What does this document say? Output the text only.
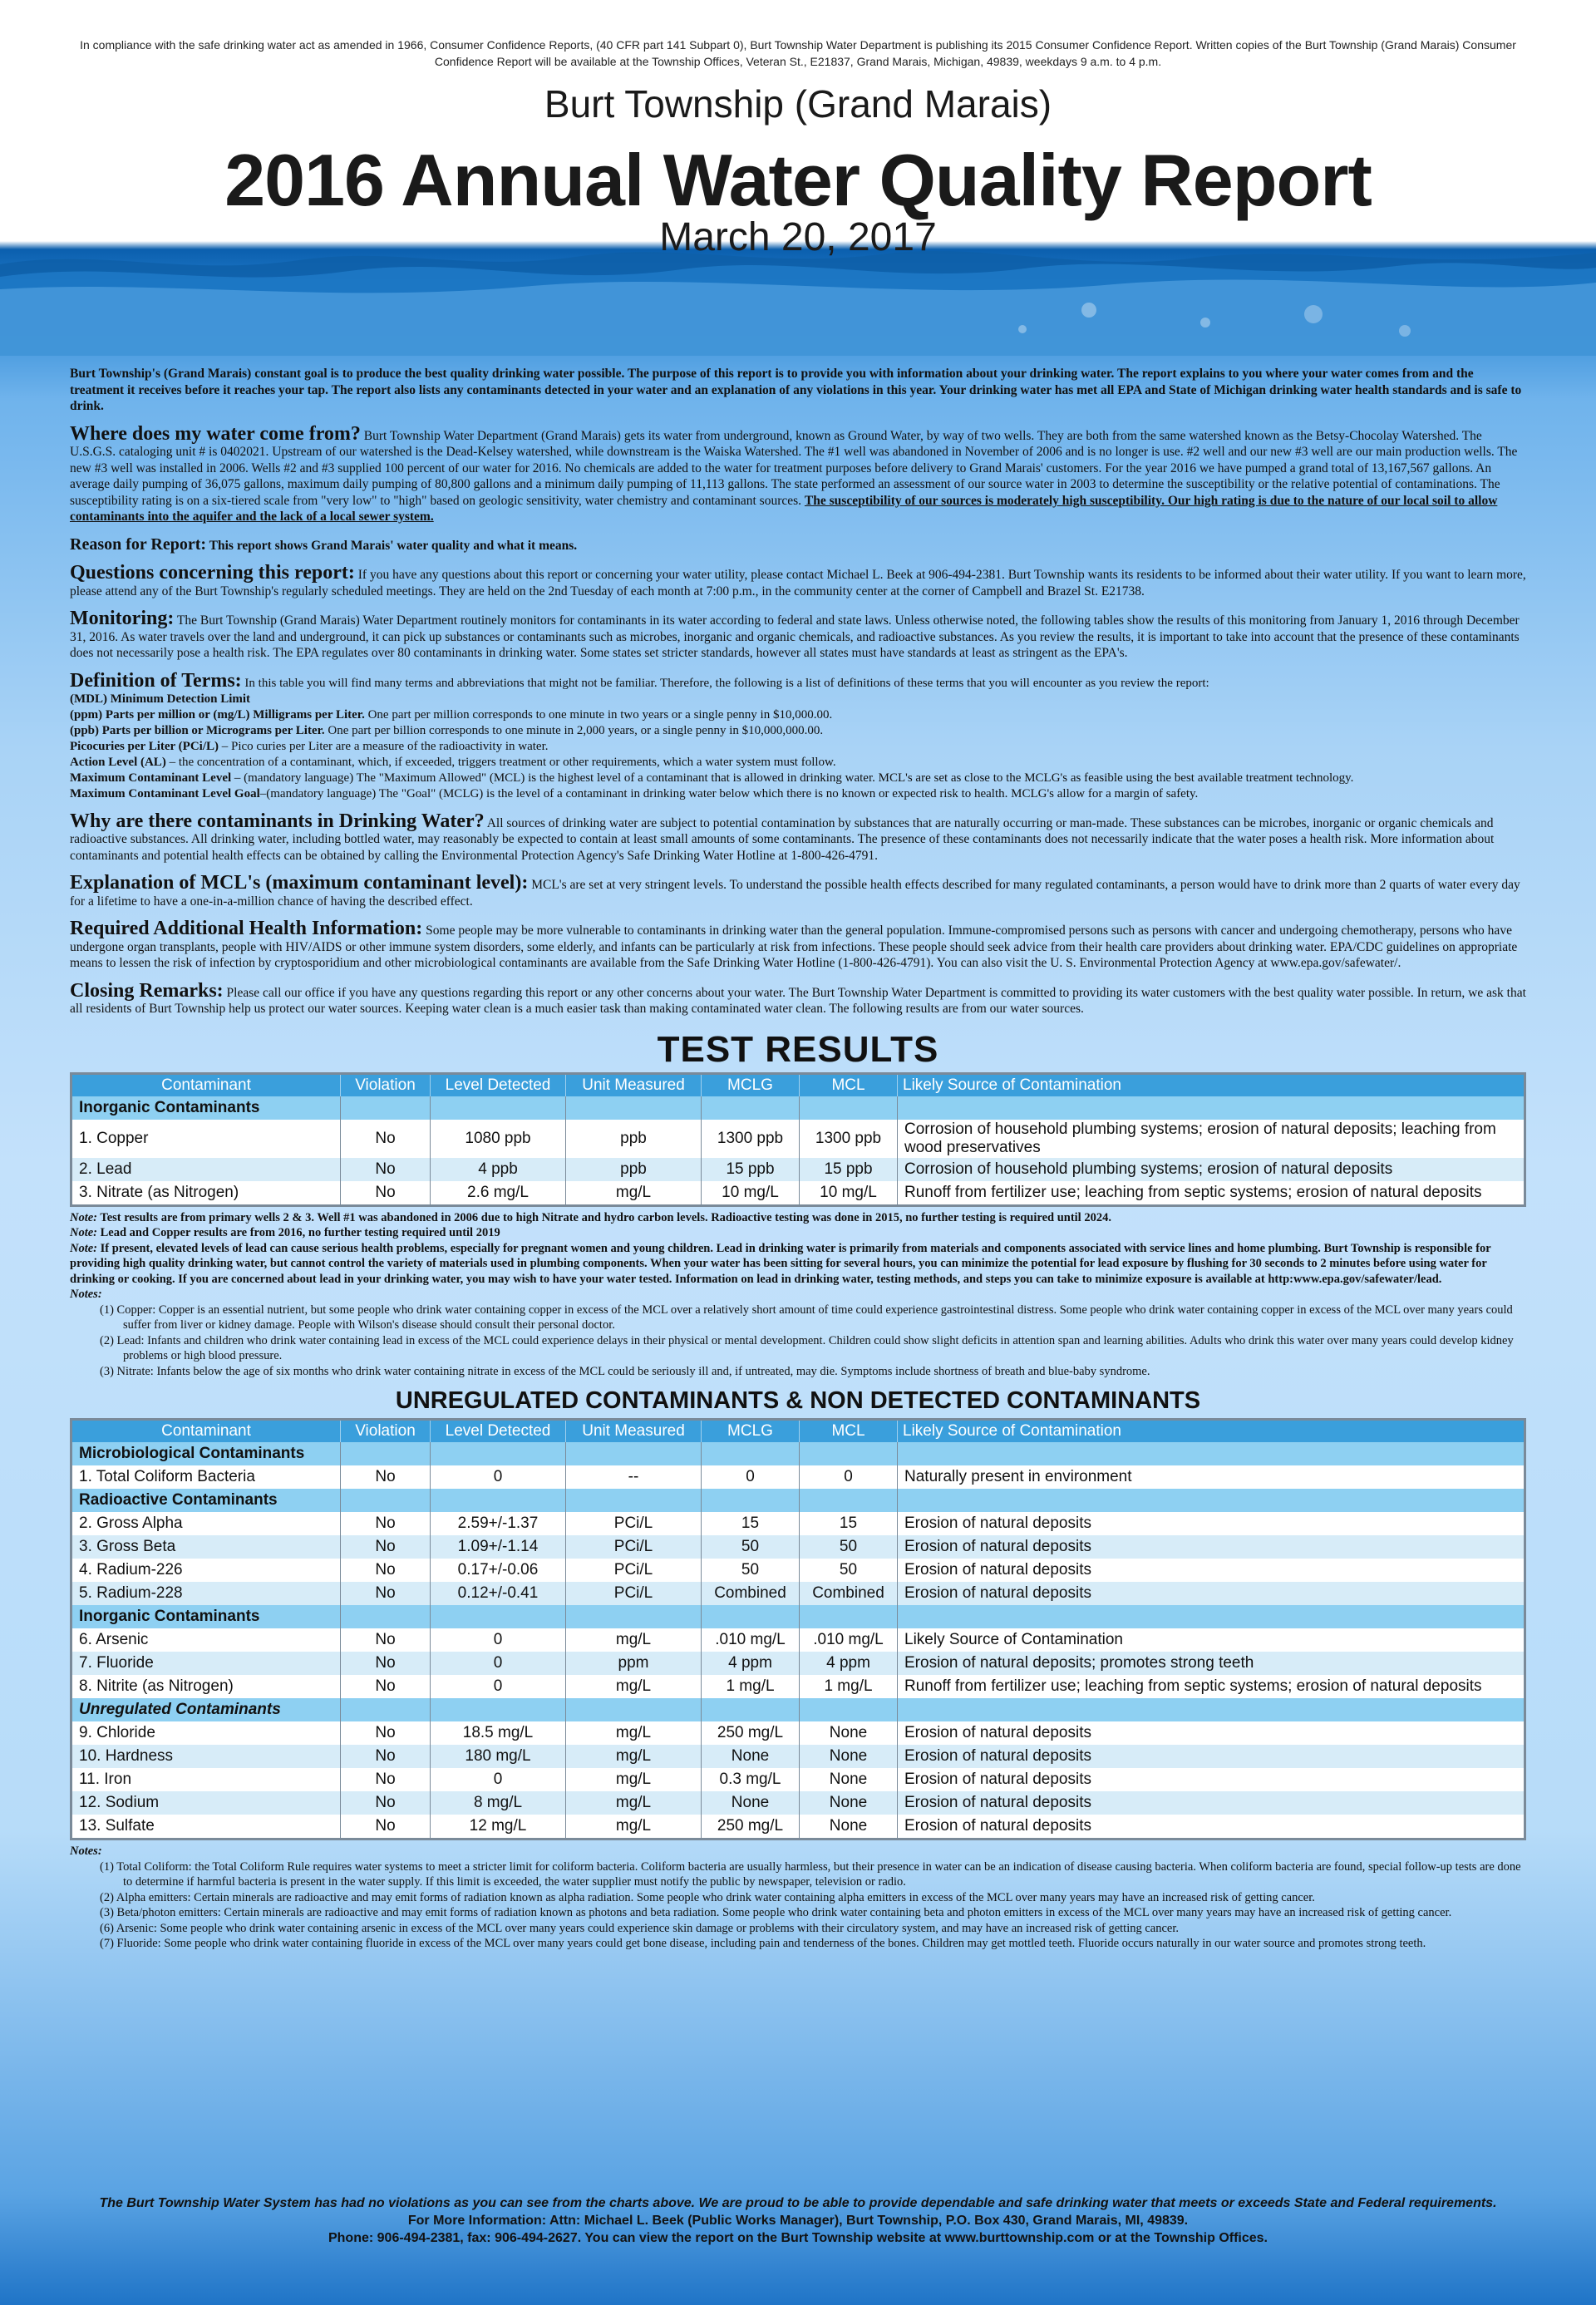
In compliance with the safe drinking water act as amended in 1966, Consumer Confidence Reports, (40 CFR part 141 Subpart 0), Burt Township Water Department is publishing its 2015 Consumer Confidence Report. Written copies of the Burt Township (Grand Marais) Consumer Confidence Report will be available at the Township Offices, Veteran St., E21837, Grand Marais, Michigan, 49839, weekdays 9 a.m. to 4 p.m.
Burt Township (Grand Marais)
2016 Annual Water Quality Report
March 20, 2017
Burt Township's (Grand Marais) constant goal is to produce the best quality drinking water possible. The purpose of this report is to provide you with information about your drinking water. The report explains to you where your water comes from and the treatment it receives before it reaches your tap. The report also lists any contaminants detected in your water and an explanation of any violations in this year. Your drinking water has met all EPA and State of Michigan drinking water health standards and is safe to drink.
Where does my water come from? Burt Township Water Department (Grand Marais) gets its water from underground, known as Ground Water, by way of two wells. They are both from the same watershed known as the Betsy-Chocolay Watershed. The U.S.G.S. cataloging unit # is 0402021. Upstream of our watershed is the Dead-Kelsey watershed, while downstream is the Waiska Watershed. The #1 well was abandoned in November of 2006 and is no longer is use. #2 well and our new #3 well are our main production wells. The new #3 well was installed in 2006. Wells #2 and #3 supplied 100 percent of our water for 2016. No chemicals are added to the water for treatment purposes before delivery to Grand Marais' customers. For the year 2016 we have pumped a grand total of 13,167,567 gallons. An average daily pumping of 36,075 gallons, maximum daily pumping of 80,800 gallons and a minimum daily pumping of 11,113 gallons. The state performed an assessment of our source water in 2003 to determine the susceptibility or the relative potential of contaminations. The susceptibility rating is on a six-tiered scale from "very low" to "high" based on geologic sensitivity, water chemistry and contaminant sources. The susceptibility of our sources is moderately high susceptibility. Our high rating is due to the nature of our local soil to allow contaminants into the aquifer and the lack of a local sewer system.
Reason for Report: This report shows Grand Marais' water quality and what it means.
Questions concerning this report: If you have any questions about this report or concerning your water utility, please contact Michael L. Beek at 906-494-2381. Burt Township wants its residents to be informed about their water utility. If you want to learn more, please attend any of the Burt Township's regularly scheduled meetings. They are held on the 2nd Tuesday of each month at 7:00 p.m., in the community center at the corner of Campbell and Brazel St. E21738.
Monitoring: The Burt Township (Grand Marais) Water Department routinely monitors for contaminants in its water according to federal and state laws. Unless otherwise noted, the following tables show the results of this monitoring from January 1, 2016 through December 31, 2016. As water travels over the land and underground, it can pick up substances or contaminants such as microbes, inorganic and organic chemicals, and radioactive substances. As you review the results, it is important to take into account that the presence of these contaminants does not necessarily pose a health risk. The EPA regulates over 80 contaminants in drinking water. Some states set stricter standards, however all states must have standards at least as stringent as the EPA's.
Definition of Terms: In this table you will find many terms and abbreviations that might not be familiar. Therefore, the following is a list of definitions of these terms that you will encounter as you review the report:
(MDL) Minimum Detection Limit
(ppm) Parts per million or (mg/L) Milligrams per Liter. One part per million corresponds to one minute in two years or a single penny in $10,000.00.
(ppb) Parts per billion or Micrograms per Liter. One part per billion corresponds to one minute in 2,000 years, or a single penny in $10,000,000.00.
Picocuries per Liter (PCi/L) – Pico curies per Liter are a measure of the radioactivity in water.
Action Level (AL) – the concentration of a contaminant, which, if exceeded, triggers treatment or other requirements, which a water system must follow.
Maximum Contaminant Level – (mandatory language) The "Maximum Allowed" (MCL) is the highest level of a contaminant that is allowed in drinking water. MCL's are set as close to the MCLG's as feasible using the best available treatment technology.
Maximum Contaminant Level Goal–(mandatory language) The "Goal" (MCLG) is the level of a contaminant in drinking water below which there is no known or expected risk to health. MCLG's allow for a margin of safety.
Why are there contaminants in Drinking Water? All sources of drinking water are subject to potential contamination by substances that are naturally occurring or man-made. These substances can be microbes, inorganic or organic chemicals and radioactive substances. All drinking water, including bottled water, may reasonably be expected to contain at least small amounts of some contaminants. The presence of these contaminants does not necessarily indicate that the water poses a health risk. More information about contaminants and potential health effects can be obtained by calling the Environmental Protection Agency's Safe Drinking Water Hotline at 1-800-426-4791.
Explanation of MCL's (maximum contaminant level): MCL's are set at very stringent levels. To understand the possible health effects described for many regulated contaminants, a person would have to drink more than 2 quarts of water every day for a lifetime to have a one-in-a-million chance of having the described effect.
Required Additional Health Information: Some people may be more vulnerable to contaminants in drinking water than the general population. Immune-compromised persons such as persons with cancer and undergoing chemotherapy, persons who have undergone organ transplants, people with HIV/AIDS or other immune system disorders, some elderly, and infants can be particularly at risk from infections. These people should seek advice from their health care providers about drinking water. EPA/CDC guidelines on appropriate means to lessen the risk of infection by cryptosporidium and other microbiological contaminants are available from the Safe Drinking Water Hotline (1-800-426-4791). You can also visit the U. S. Environmental Protection Agency at www.epa.gov/safewater/.
Closing Remarks: Please call our office if you have any questions regarding this report or any other concerns about your water. The Burt Township Water Department is committed to providing its water customers with the best quality water possible. In return, we ask that all residents of Burt Township help us protect our water sources. Keeping water clean is a much easier task than making contaminated water clean. The following results are from our water sources.
TEST RESULTS
Contaminant	Violation	Level Detected	Unit Measured	MCLG	MCL	Likely Source of Contamination
Inorganic Contaminants						
1. Copper	No	1080 ppb	ppb	1300 ppb	1300 ppb	Corrosion of household plumbing systems; erosion of natural deposits; leaching from wood preservatives
2. Lead	No	4 ppb	ppb	15 ppb	15 ppb	Corrosion of household plumbing systems; erosion of natural deposits
3. Nitrate (as Nitrogen)	No	2.6 mg/L	mg/L	10 mg/L	10 mg/L	Runoff from fertilizer use; leaching from septic systems; erosion of natural deposits
Note: Test results are from primary wells 2 & 3. Well #1 was abandoned in 2006 due to high Nitrate and hydro carbon levels. Radioactive testing was done in 2015, no further testing is required until 2024.
Note: Lead and Copper results are from 2016, no further testing required until 2019
Note: If present, elevated levels of lead can cause serious health problems, especially for pregnant women and young children. Lead in drinking water is primarily from materials and components associated with service lines and home plumbing. Burt Township is responsible for providing high quality drinking water, but cannot control the variety of materials used in plumbing components. When your water has been sitting for several hours, you can minimize the potential for lead exposure by flushing for 30 seconds to 2 minutes before using water for drinking or cooking. If you are concerned about lead in your drinking water, you may wish to have your water tested. Information on lead in drinking water, testing methods, and steps you can take to minimize exposure is available at http:www.epa.gov/safewater/lead.
Notes:
(1) Copper: Copper is an essential nutrient, but some people who drink water containing copper in excess of the MCL over a relatively short amount of time could experience gastrointestinal distress. Some people who drink water containing copper in excess of the MCL over many years could suffer from liver or kidney damage. People with Wilson's disease should consult their personal doctor.
(2) Lead: Infants and children who drink water containing lead in excess of the MCL could experience delays in their physical or mental development. Children could show slight deficits in attention span and learning abilities. Adults who drink this water over many years could develop kidney problems or high blood pressure.
(3) Nitrate: Infants below the age of six months who drink water containing nitrate in excess of the MCL could be seriously ill and, if untreated, may die. Symptoms include shortness of breath and blue-baby syndrome.
UNREGULATED CONTAMINANTS & NON DETECTED CONTAMINANTS
Contaminant	Violation	Level Detected	Unit Measured	MCLG	MCL	Likely Source of Contamination
Microbiological Contaminants						
1. Total Coliform Bacteria	No	0	--	0	0	Naturally present in environment
Radioactive Contaminants						
2. Gross Alpha	No	2.59+/-1.37	PCi/L	15	15	Erosion of natural deposits
3. Gross Beta	No	1.09+/-1.14	PCi/L	50	50	Erosion of natural deposits
4. Radium-226	No	0.17+/-0.06	PCi/L	50	50	Erosion of natural deposits
5. Radium-228	No	0.12+/-0.41	PCi/L	Combined	Combined	Erosion of natural deposits
Inorganic Contaminants						
6. Arsenic	No	0	mg/L	.010 mg/L	.010 mg/L	Likely Source of Contamination
7. Fluoride	No	0	ppm	4 ppm	4 ppm	Erosion of natural deposits; promotes strong teeth
8. Nitrite (as Nitrogen)	No	0	mg/L	1 mg/L	1 mg/L	Runoff from fertilizer use; leaching from septic systems; erosion of natural deposits
Unregulated Contaminants						
9. Chloride	No	18.5 mg/L	mg/L	250 mg/L	None	Erosion of natural deposits
10. Hardness	No	180 mg/L	mg/L	None	None	Erosion of natural deposits
11. Iron	No	0	mg/L	0.3 mg/L	None	Erosion of natural deposits
12. Sodium	No	8 mg/L	mg/L	None	None	Erosion of natural deposits
13. Sulfate	No	12 mg/L	mg/L	250 mg/L	None	Erosion of natural deposits
Notes:
(1) Total Coliform: the Total Coliform Rule requires water systems to meet a stricter limit for coliform bacteria. Coliform bacteria are usually harmless, but their presence in water can be an indication of disease causing bacteria. When coliform bacteria are found, special follow-up tests are done to determine if harmful bacteria is present in the water supply. If this limit is exceeded, the water supplier must notify the public by newspaper, television or radio.
(2) Alpha emitters: Certain minerals are radioactive and may emit forms of radiation known as alpha radiation. Some people who drink water containing alpha emitters in excess of the MCL over many years may have an increased risk of getting cancer.
(3) Beta/photon emitters: Certain minerals are radioactive and may emit forms of radiation known as photons and beta radiation. Some people who drink water containing beta and photon emitters in excess of the MCL over many years may have an increased risk of getting cancer.
(6) Arsenic: Some people who drink water containing arsenic in excess of the MCL over many years could experience skin damage or problems with their circulatory system, and may have an increased risk of getting cancer.
(7) Fluoride: Some people who drink water containing fluoride in excess of the MCL over many years could get bone disease, including pain and tenderness of the bones. Children may get mottled teeth. Fluoride occurs naturally in our water source and promotes strong teeth.
The Burt Township Water System has had no violations as you can see from the charts above. We are proud to be able to provide dependable and safe drinking water that meets or exceeds State and Federal requirements.
For More Information: Attn: Michael L. Beek (Public Works Manager), Burt Township, P.O. Box 430, Grand Marais, MI, 49839.
Phone: 906-494-2381, fax: 906-494-2627. You can view the report on the Burt Township website at www.burttownship.com or at the Township Offices.
